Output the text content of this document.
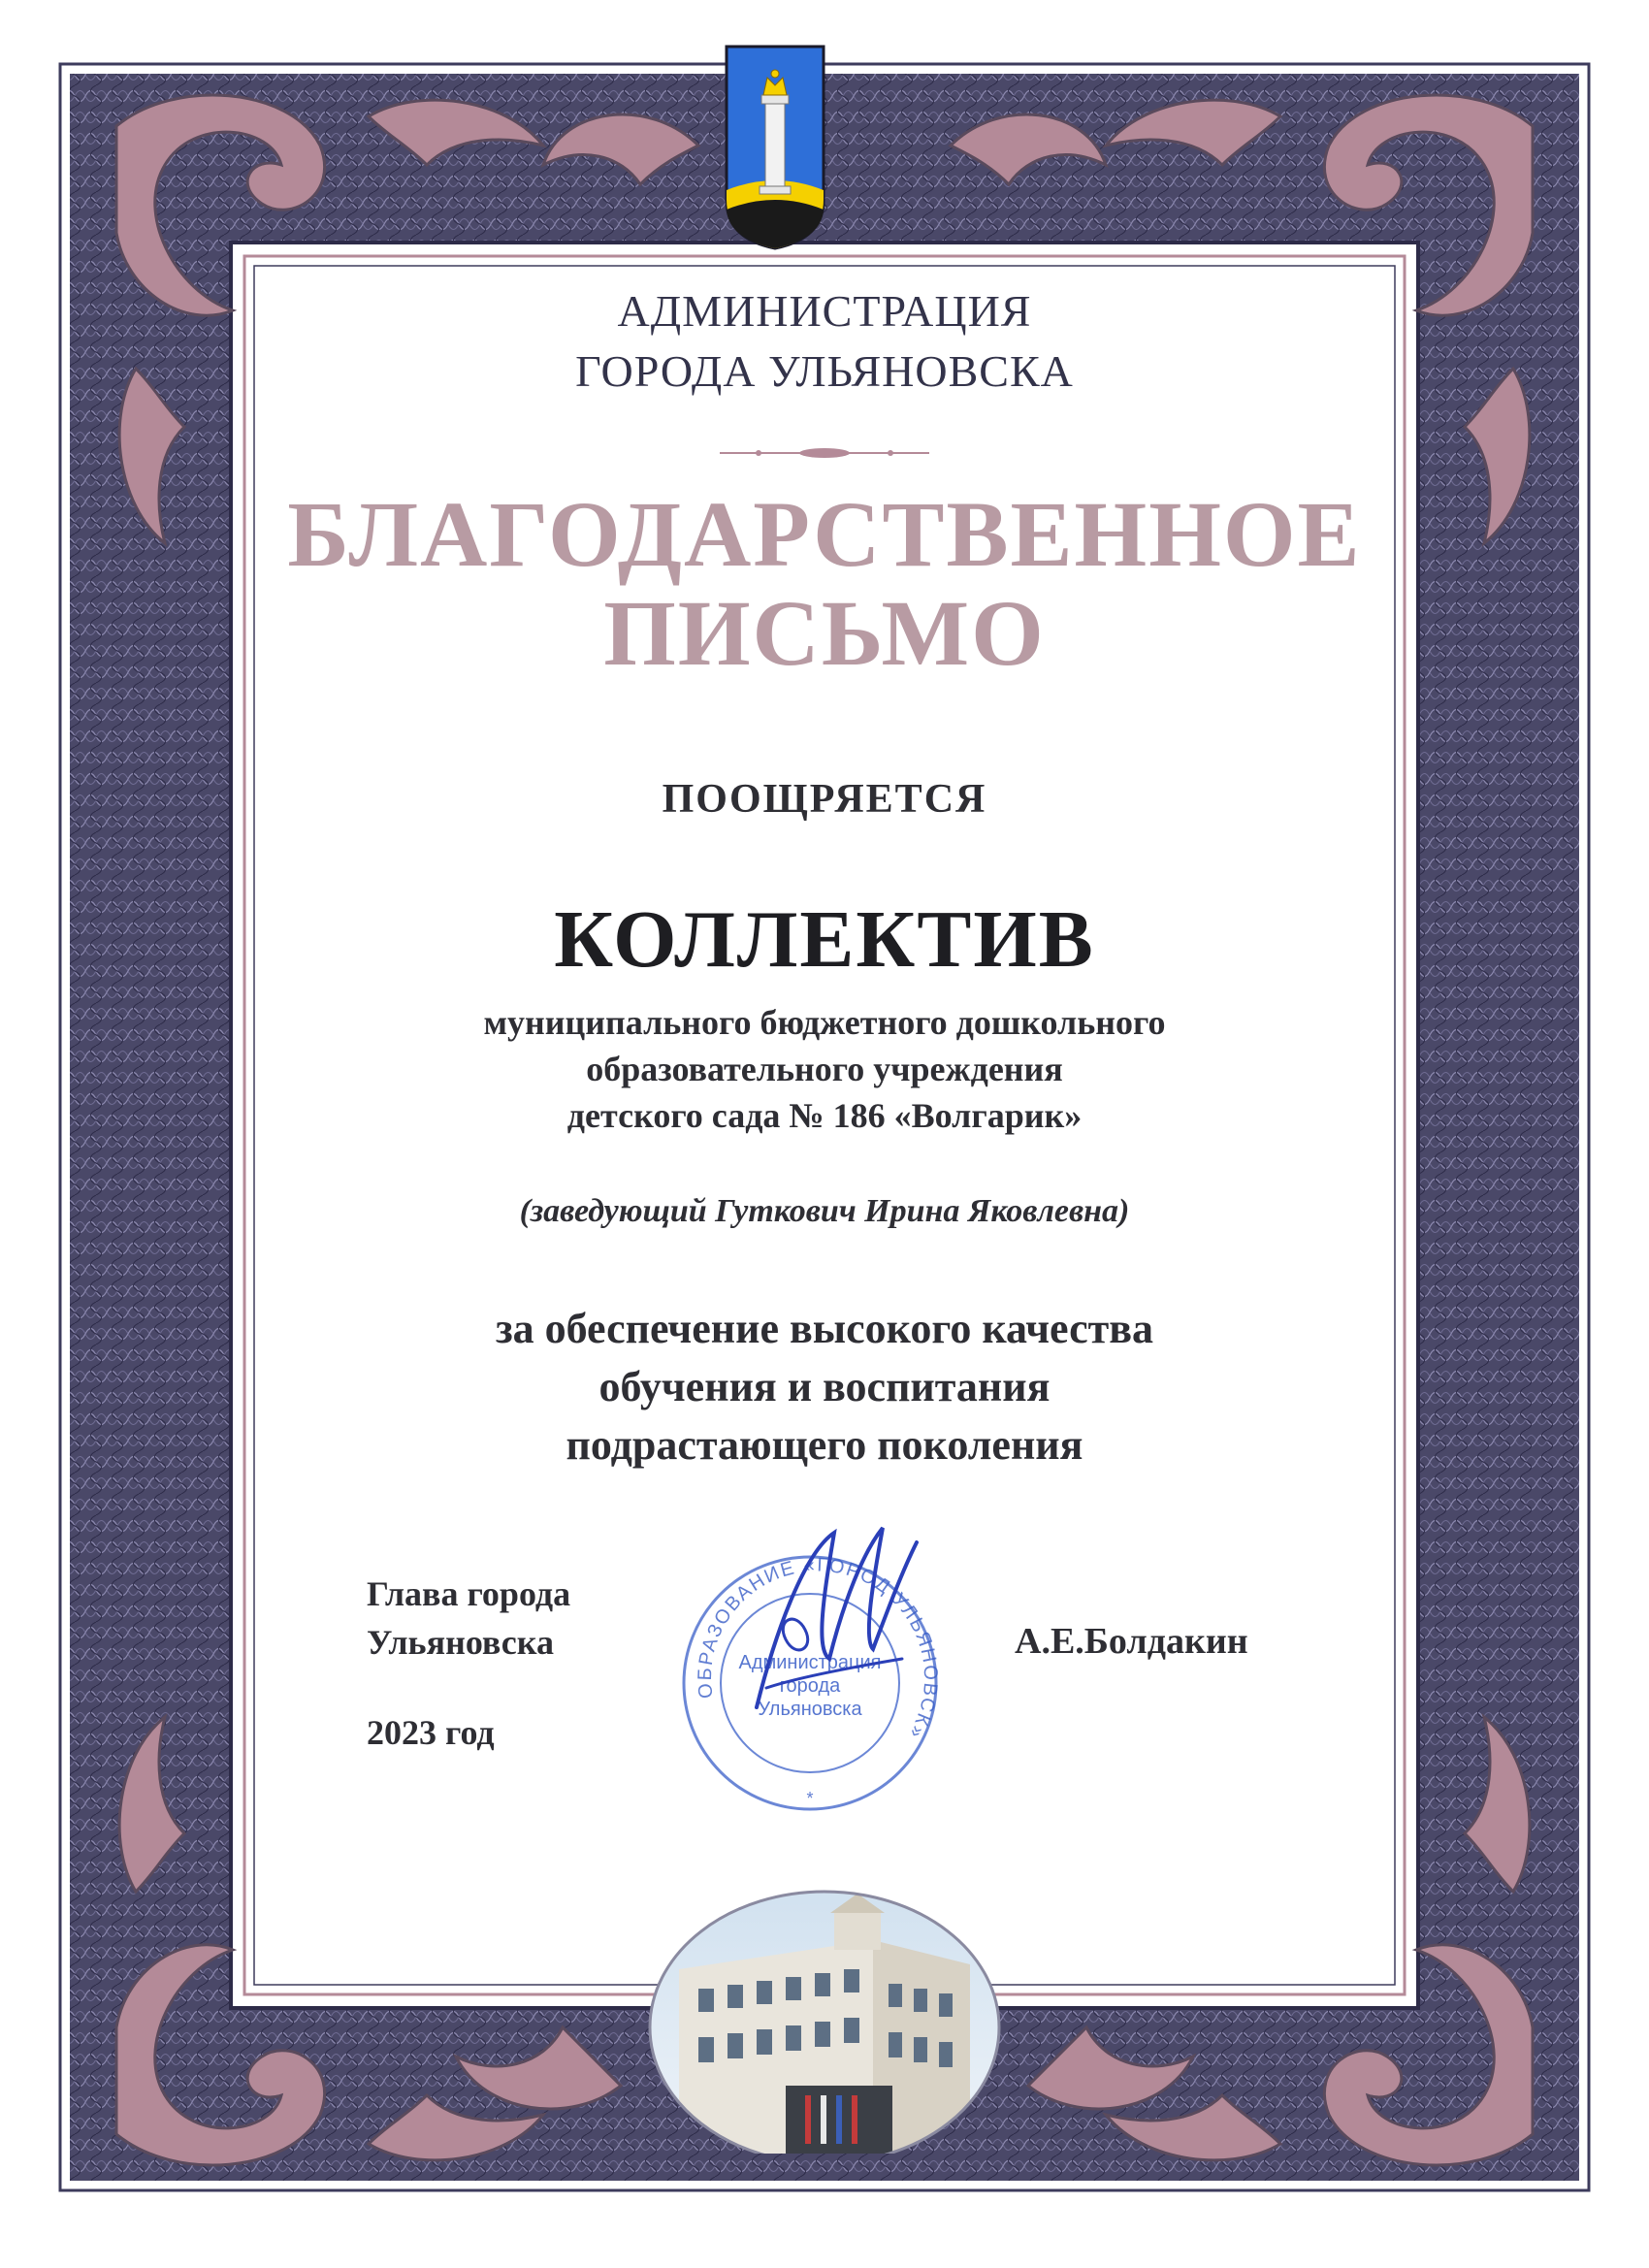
АДМИНИСТРАЦИЯ
ГОРОДА УЛЬЯНОВСКА
БЛАГОДАРСТВЕННОЕ
ПИСЬМО
ПООЩРЯЕТСЯ
КОЛЛЕКТИВ
муниципального бюджетного дошкольного
образовательного учреждения
детского сада № 186 «Волгарик»
(заведующий Гуткович Ирина Яковлевна)
за обеспечение высокого качества
обучения и воспитания
подрастающего поколения
ОБРАЗОВАНИЕ «ГОРОД УЛЬЯНОВСК»
Администрация
города
Ульяновска
*
Глава города
Ульяновска
2023 год
А.Е.Болдакин
